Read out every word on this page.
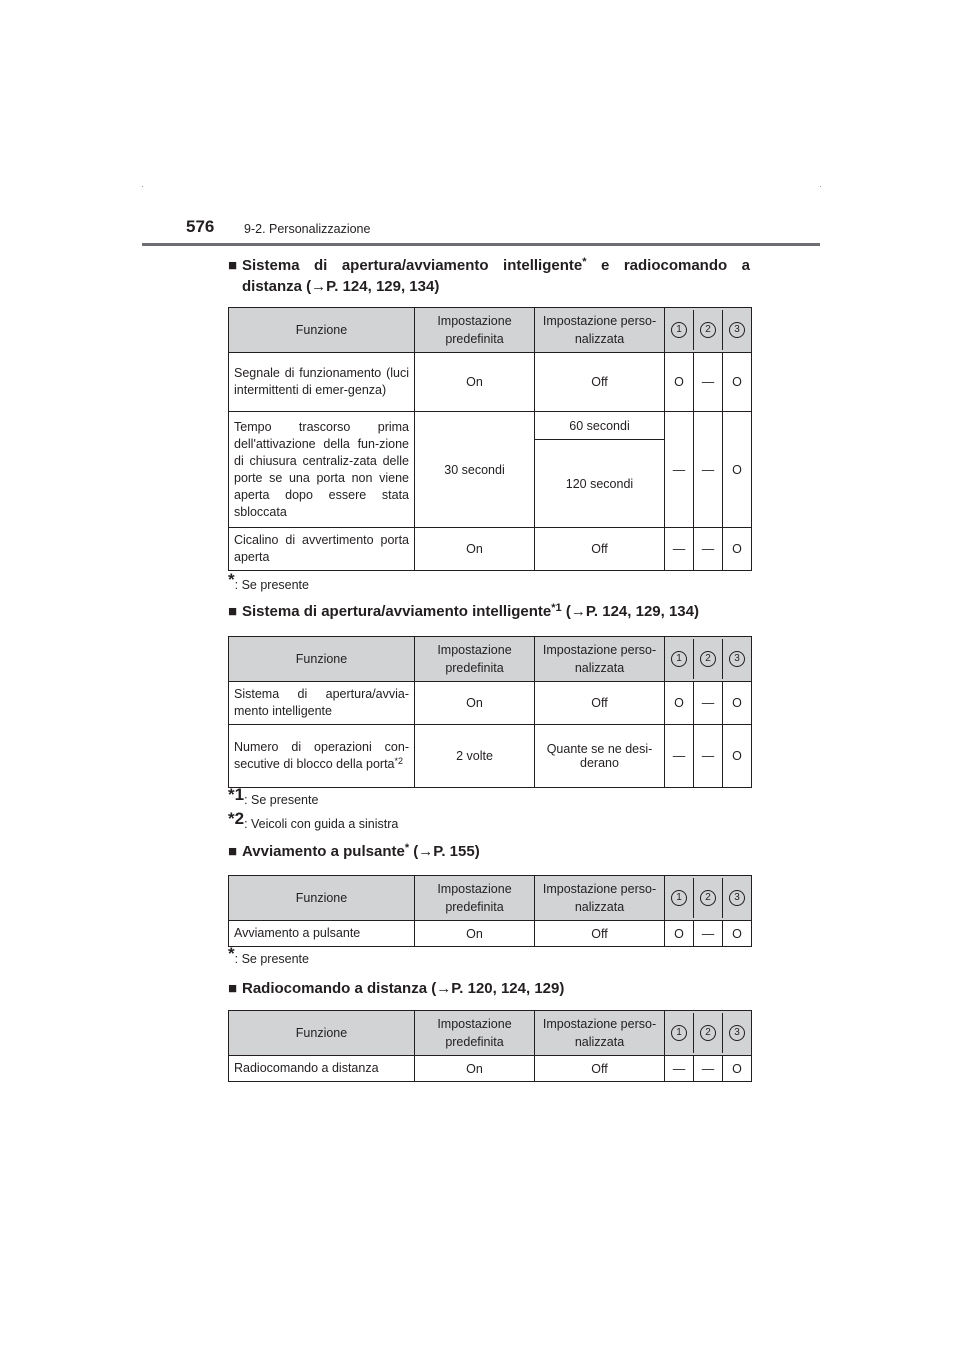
576 9-2. Personalizzazione
■ Sistema di apertura/avviamento intelligente* e radiocomando a distanza (→P. 124, 129, 134)
Funzione	Impostazione predefinita	Impostazione perso-nalizzata	1 2 3		

Segnale di funzionamento (luci intermittenti di emer-genza)	On	Off	O	—	O
Tempo trascorso prima dell'attivazione della fun-zione di chiusura centraliz-zata delle porte se una porta non viene aperta dopo essere stata sbloccata	30 secondi	60 secondi	—	—	O
		120 secondi			
Cicalino di avvertimento porta aperta	On	Off	—	—	O
*: Se presente
■ Sistema di apertura/avviamento intelligente$^{*1}$ (→P. 124, 129, 134)
Funzione	Impostazione predefinita	Impostazione perso-nalizzata	1 2 3		

Sistema di apertura/avvia-mento intelligente	On	Off	O	—	O
Numero di operazioni con-secutive di blocco della porta$^{*2}$	2 volte	Quante se ne desi-derano	—	—	O
$^{*1}$: Se presente
$^{*2}$: Veicoli con guida a sinistra
■ Avviamento a pulsante* (→P. 155)
Funzione	Impostazione predefinita	Impostazione perso-nalizzata	1 2 3		

Avviamento a pulsante	On	Off	O	—	O
*: Se presente
■ Radiocomando a distanza (→P. 120, 124, 129)
Funzione	Impostazione predefinita	Impostazione perso-nalizzata	1 2 3		

Radiocomando a distanza	On	Off	—	—	O
